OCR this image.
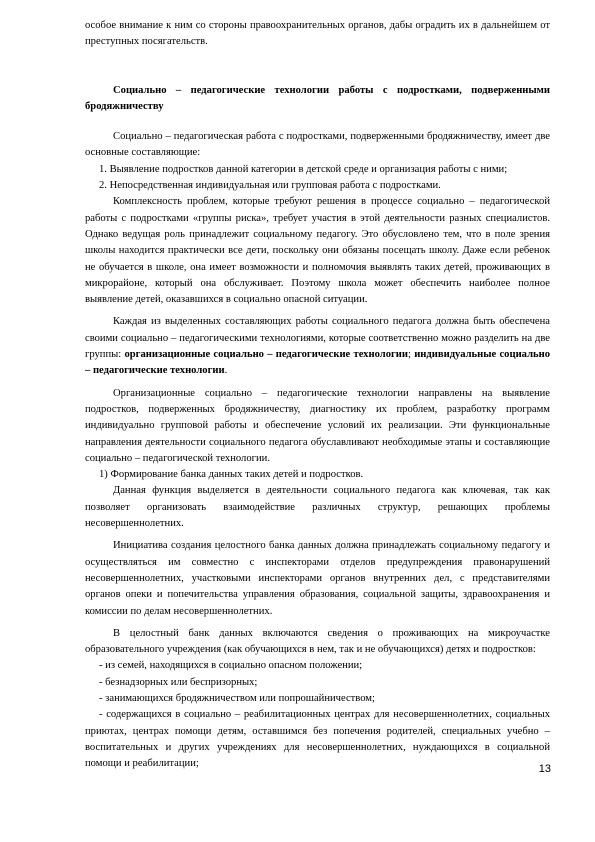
особое внимание к ним со стороны правоохранительных органов, дабы оградить их в дальнейшем от преступных посягательств.

Социально – педагогические технологии работы с подростками, подверженными бродяжничеству

Социально – педагогическая работа с подростками, подверженными бродяжничеству, имеет две основные составляющие:

1. Выявление подростков данной категории в детской среде и организация работы с ними;

2. Непосредственная индивидуальная или групповая работа с подростками.

Комплексность проблем, которые требуют решения в процессе социально – педагогической работы с подростками «группы риска», требует участия в этой деятельности разных специалистов. Однако ведущая роль принадлежит социальному педагогу. Это обусловлено тем, что в поле зрения школы находится практически все дети, поскольку они обязаны посещать школу. Даже если ребенок не обучается в школе, она имеет возможности и полномочия выявлять таких детей, проживающих в микрорайоне, который она обслуживает. Поэтому школа может обеспечить наиболее полное выявление детей, оказавшихся в социально опасной ситуации.

Каждая из выделенных составляющих работы социального педагога должна быть обеспечена своими социально – педагогическими технологиями, которые соответственно можно разделить на две группы: организационные социально – педагогические технологии; индивидуальные социально – педагогические технологии.

Организационные социально – педагогические технологии направлены на выявление подростков, подверженных бродяжничеству, диагностику их проблем, разработку программ индивидуально групповой работы и обеспечение условий их реализации. Эти функциональные направления деятельности социального педагога обуславливают необходимые этапы и составляющие социально – педагогической технологии.

1) Формирование банка данных таких детей и подростков.

Данная функция выделяется в деятельности социального педагога как ключевая, так как позволяет организовать взаимодействие различных структур, решающих проблемы несовершеннолетних.

Инициатива создания целостного банка данных должна принадлежать социальному педагогу и осуществляться им совместно с инспекторами отделов предупреждения правонарушений несовершеннолетних, участковыми инспекторами органов внутренних дел, с представителями органов опеки и попечительства управления образования, социальной защиты, здравоохранения и комиссии по делам несовершеннолетних.

В целостный банк данных включаются сведения о проживающих на микроучастке образовательного учреждения (как обучающихся в нем, так и не обучающихся) детях и подростков:

- из семей, находящихся в социально опасном положении;

- безнадзорных или беспризорных;

- занимающихся бродяжничеством или попрошайничеством;

- содержащихся в социально – реабилитационных центрах для несовершеннолетних, социальных приютах, центрах помощи детям, оставшимся без попечения родителей, специальных учебно – воспитательных и других учреждениях для несовершеннолетних, нуждающихся в социальной помощи и реабилитации;	13
